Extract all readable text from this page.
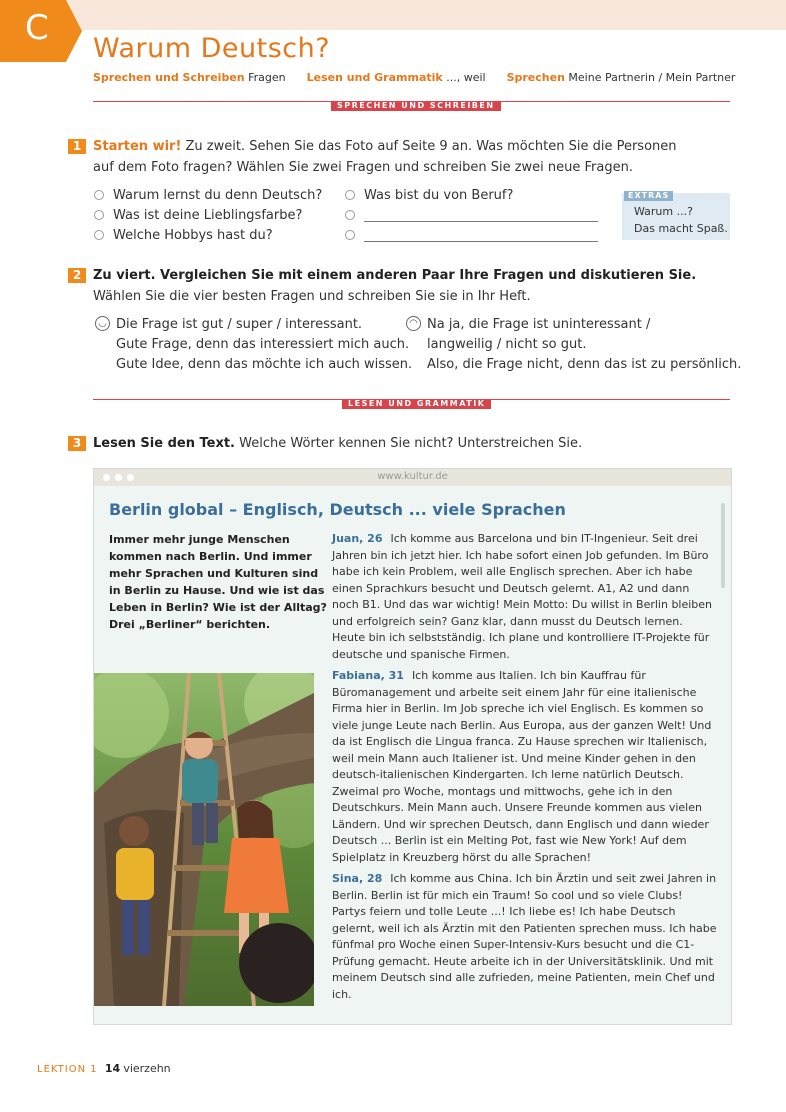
C
Warum Deutsch?
Sprechen und Schreiben Fragen Lesen und Grammatik ..., weil Sprechen Meine Partnerin / Mein Partner
SPRECHEN UND SCHREIBEN
1 Starten wir! Zu zweit. Sehen Sie das Foto auf Seite 9 an. Was möchten Sie die Personen
auf dem Foto fragen? Wählen Sie zwei Fragen und schreiben Sie zwei neue Fragen.
Warum lernst du denn Deutsch?
Was ist deine Lieblingsfarbe?
Welche Hobbys hast du?
Was bist du von Beruf?	EXTRAS
Warum ...?
Das macht Spaß.
2 Zu viert. Vergleichen Sie mit einem anderen Paar Ihre Fragen und diskutieren Sie.
Wählen Sie die vier besten Fragen und schreiben Sie sie in Ihr Heft.
◡ Die Frage ist gut / super / interessant.
Gute Frage, denn das interessiert mich auch.
Gute Idee, denn das möchte ich auch wissen.
◠ Na ja, die Frage ist uninteressant /
langweilig / nicht so gut.
Also, die Frage nicht, denn das ist zu persönlich.
LESEN UND GRAMMATIK
3 Lesen Sie den Text. Welche Wörter kennen Sie nicht? Unterstreichen Sie.
www.kultur.de
Berlin global – Englisch, Deutsch ... viele Sprachen
Immer mehr junge Menschen kommen nach Berlin. Und immer mehr Sprachen und Kulturen sind in Berlin zu Hause. Und wie ist das Leben in Berlin? Wie ist der Alltag? Drei „Berliner“ berichten.

Juan, 26 Ich komme aus Barcelona und bin IT-Ingenieur. Seit drei Jahren bin ich jetzt hier. Ich habe sofort einen Job gefunden. Im Büro habe ich kein Problem, weil alle Englisch sprechen. Aber ich habe einen Sprachkurs besucht und Deutsch gelernt. A1, A2 und dann noch B1. Und das war wichtig! Mein Motto: Du willst in Berlin bleiben und erfolgreich sein? Ganz klar, dann musst du Deutsch lernen. Heute bin ich selbstständig. Ich plane und kontrolliere IT-Projekte für deutsche und spanische Firmen.

Fabiana, 31 Ich komme aus Italien. Ich bin Kauffrau für Büromanagement und arbeite seit einem Jahr für eine italienische Firma hier in Berlin. Im Job spreche ich viel Englisch. Es kommen so viele junge Leute nach Berlin. Aus Europa, aus der ganzen Welt! Und da ist Englisch die Lingua franca. Zu Hause sprechen wir Italienisch, weil mein Mann auch Italiener ist. Und meine Kinder gehen in den deutsch-italienischen Kindergarten. Ich lerne natürlich Deutsch. Zweimal pro Woche, montags und mittwochs, gehe ich in den Deutschkurs. Mein Mann auch. Unsere Freunde kommen aus vielen Ländern. Und wir sprechen Deutsch, dann Englisch und dann wieder Deutsch ... Berlin ist ein Melting Pot, fast wie New York! Auf dem Spielplatz in Kreuzberg hörst du alle Sprachen!

Sina, 28 Ich komme aus China. Ich bin Ärztin und seit zwei Jahren in Berlin. Berlin ist für mich ein Traum! So cool und so viele Clubs! Partys feiern und tolle Leute ...! Ich liebe es! Ich habe Deutsch gelernt, weil ich als Ärztin mit den Patienten sprechen muss. Ich habe fünfmal pro Woche einen Super-Intensiv-Kurs besucht und die C1-Prüfung gemacht. Heute arbeite ich in der Universitätsklinik. Und mit meinem Deutsch sind alle zufrieden, meine Patienten, mein Chef und ich.

LEKTION 1 14 vierzehn
